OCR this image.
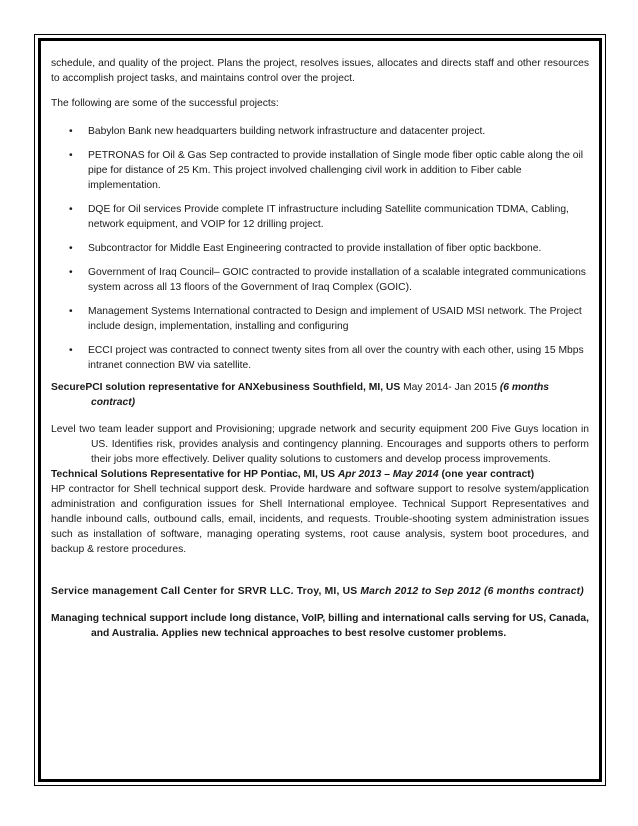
schedule, and quality of the project. Plans the project, resolves issues, allocates and directs staff and other resources to accomplish project tasks, and maintains control over the project.

The following are some of the successful projects:

• Babylon Bank new headquarters building network infrastructure and datacenter project.
• PETRONAS for Oil & Gas Sep contracted to provide installation of Single mode fiber optic cable along the oil pipe for distance of 25 Km. This project involved challenging civil work in addition to Fiber cable implementation.
• DQE for Oil services Provide complete IT infrastructure including Satellite communication TDMA, Cabling, network equipment, and VOIP for 12 drilling project.
• Subcontractor for Middle East Engineering contracted to provide installation of fiber optic backbone.
• Government of Iraq Council– GOIC contracted to provide installation of a scalable integrated communications system across all 13 floors of the Government of Iraq Complex (GOIC).
• Management Systems International contracted to Design and implement of USAID MSI network. The Project include design, implementation, installing and configuring
• ECCI project was contracted to connect twenty sites from all over the country with each other, using 15 Mbps intranet connection BW via satellite.

SecurePCI solution representative for ANXebusiness Southfield, MI, US May 2014- Jan 2015 (6 months contract)

Level two team leader support and Provisioning; upgrade network and security equipment 200 Five Guys location in US. Identifies risk, provides analysis and contingency planning. Encourages and supports others to perform their jobs more effectively. Deliver quality solutions to customers and develop process improvements.

Technical Solutions Representative for HP Pontiac, MI, US Apr 2013 – May 2014 (one year contract)

HP contractor for Shell technical support desk. Provide hardware and software support to resolve system/application administration and configuration issues for Shell International employee. Technical Support Representatives and handle inbound calls, outbound calls, email, incidents, and requests. Trouble-shooting system administration issues such as installation of software, managing operating systems, root cause analysis, system boot procedures, and backup & restore procedures.

Service management Call Center for SRVR LLC. Troy, MI, US March 2012 to Sep 2012 (6 months contract)

Managing technical support include long distance, VoIP, billing and international calls serving for US, Canada, and Australia. Applies new technical approaches to best resolve customer problems.
